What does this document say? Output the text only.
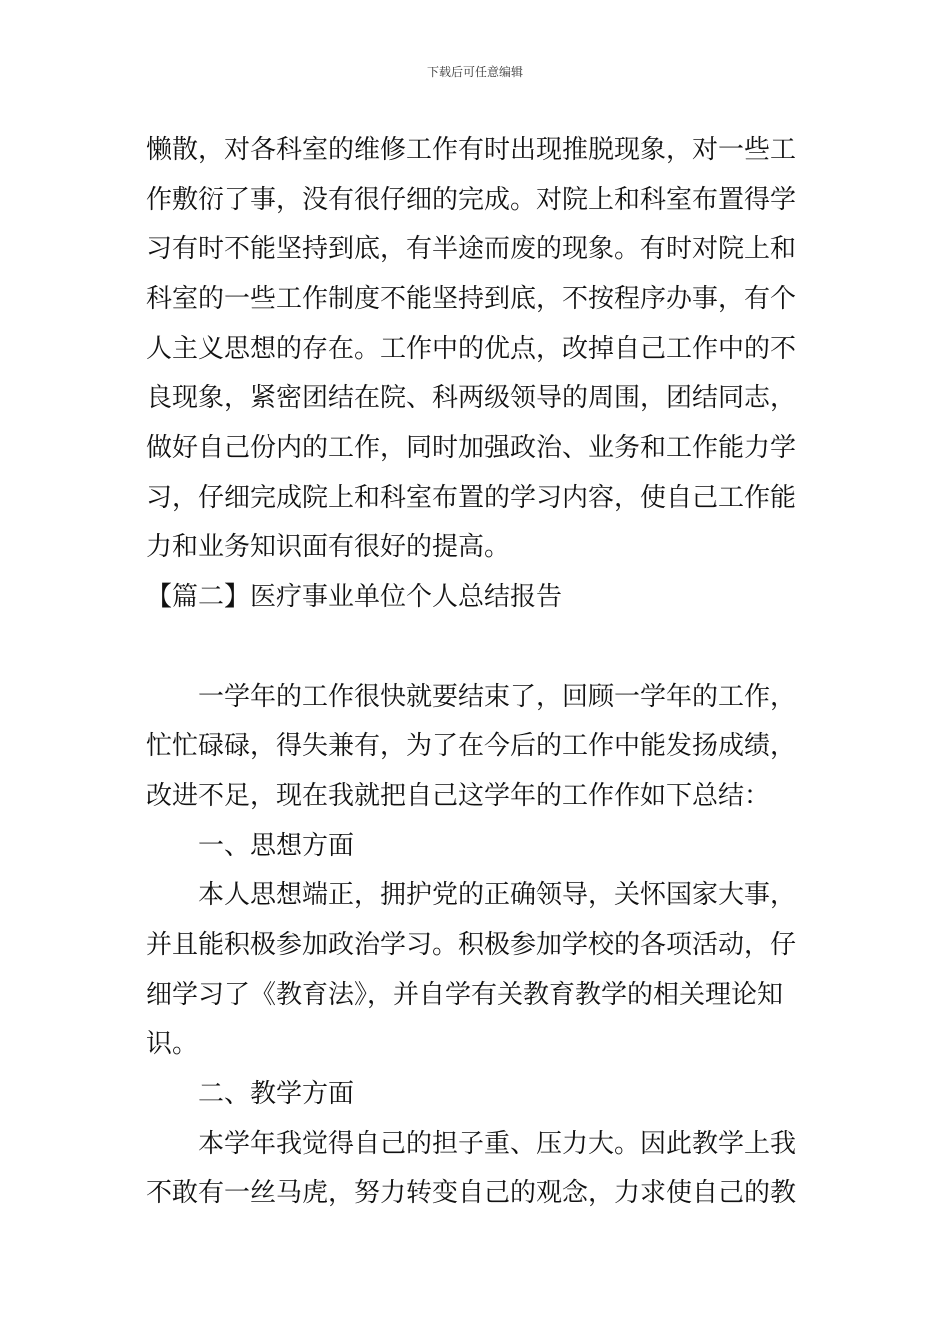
下载后可任意编辑
懒散，对各科室的维修工作有时出现推脱现象，对一些工
作敷衍了事，没有很仔细的完成。对院上和科室布置得学
习有时不能坚持到底，有半途而废的现象。有时对院上和
科室的一些工作制度不能坚持到底，不按程序办事，有个
人主义思想的存在。工作中的优点，改掉自己工作中的不
良现象，紧密团结在院、科两级领导的周围，团结同志，
做好自己份内的工作，同时加强政治、业务和工作能力学
习，仔细完成院上和科室布置的学习内容，使自己工作能
力和业务知识面有很好的提高。
【篇二】医疗事业单位个人总结报告
一学年的工作很快就要结束了，回顾一学年的工作，
忙忙碌碌，得失兼有，为了在今后的工作中能发扬成绩，
改进不足，现在我就把自己这学年的工作作如下总结：
一、思想方面
本人思想端正，拥护党的正确领导，关怀国家大事，
并且能积极参加政治学习。积极参加学校的各项活动，仔
细学习了《教育法》，并自学有关教育教学的相关理论知
识。
二、教学方面
本学年我觉得自己的担子重、压力大。因此教学上我
不敢有一丝马虎，努力转变自己的观念，力求使自己的教
